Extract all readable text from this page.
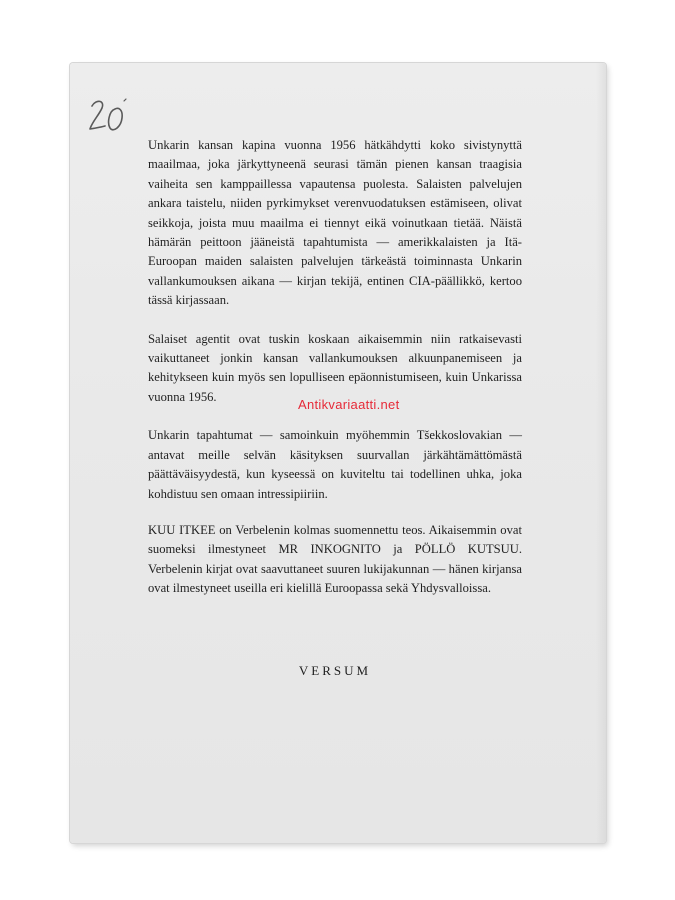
Unkarin kansan kapina vuonna 1956 hätkähdytti koko sivistynyttä maailmaa, joka järkyttyneenä seurasi tämän pienen kansan traagisia vaiheita sen kamppaillessa vapautensa puolesta. Salaisten palvelujen ankara taistelu, niiden pyrkimykset verenvuodatuksen estämiseen, olivat seikkoja, joista muu maailma ei tiennyt eikä voinutkaan tietää. Näistä hämärän peittoon jääneistä tapahtumista — amerikkalaisten ja Itä-Euroopan maiden salaisten palvelujen tärkeästä toiminnasta Unkarin vallankumouksen aikana — kirjan tekijä, entinen CIA-päällikkö, kertoo tässä kirjassaan.

Salaiset agentit ovat tuskin koskaan aikaisemmin niin ratkaisevasti vaikuttaneet jonkin kansan vallankumouksen alkuunpanemiseen ja kehitykseen kuin myös sen lopulliseen epäonnistumiseen, kuin Unkarissa vuonna 1956.

Unkarin tapahtumat — samoinkuin myöhemmin Tšekkoslovakian — antavat meille selvän käsityksen suurvallan järkähtämättömästä päättäväisyydestä, kun kyseessä on kuviteltu tai todellinen uhka, joka kohdistuu sen omaan intressipiiriin.

KUU ITKEE on Verbelenin kolmas suomennettu teos. Aikaisemmin ovat suomeksi ilmestyneet MR INKOGNITO ja PÖLLÖ KUTSUU. Verbelenin kirjat ovat saavuttaneet suuren lukijakunnan — hänen kirjansa ovat ilmestyneet useilla eri kielillä Euroopassa sekä Yhdysvalloissa.

VERSUM
Antikvariaatti.net
